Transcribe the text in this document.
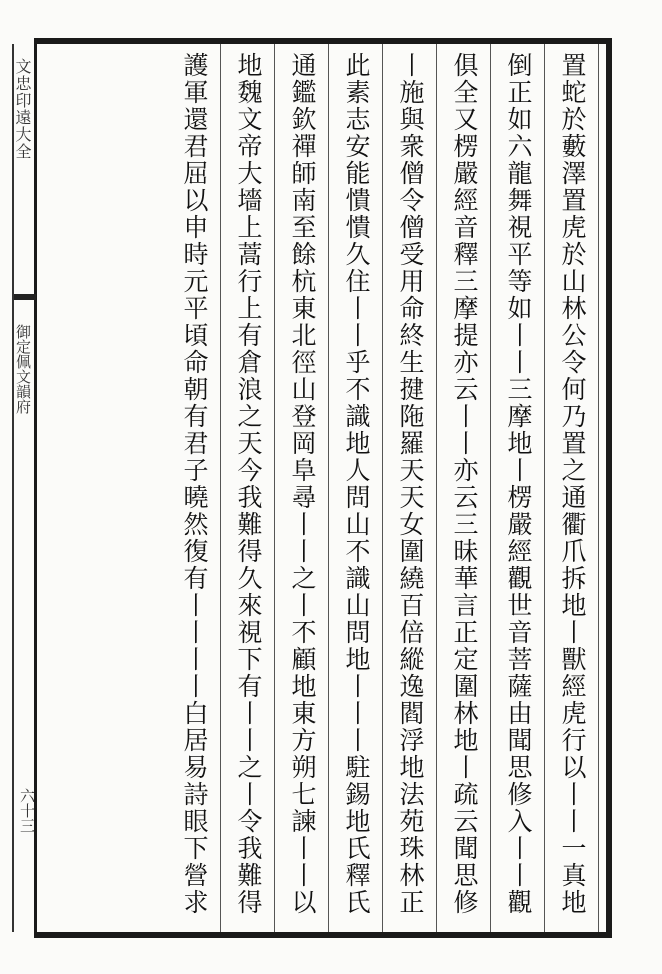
文忠印遠大全
御定佩文韻府
六十三
置蛇於藪澤置虎於山林公令何乃置之通衢爪拆地丨獸經虎行以丨丨一真地
倒正如六龍舞視平等如丨丨三摩地丨楞嚴經觀世音菩薩由聞思修入丨丨觀
俱全又楞嚴經音釋三摩提亦云丨丨亦云三昧華言正定圍林地丨疏云聞思修
丨施與衆僧令僧受用命終生揵陁羅天天女圍繞百倍縱逸閻浮地法苑珠林正
此素志安能憒憒久住丨丨乎不識地人問山不識山問地丨丨丨駐錫地氏釋氏
通鑑欽禪師南至餘杭東北徑山登岡阜尋丨丨之丨不顧地東方朔七諫丨丨以
地魏文帝大墻上蒿行上有倉浪之天今我難得久來視下有丨丨之丨令我難得
護軍還君屈以申時元平頃命朝有君子曉然復有丨丨丨丨白居易詩眼下營求
